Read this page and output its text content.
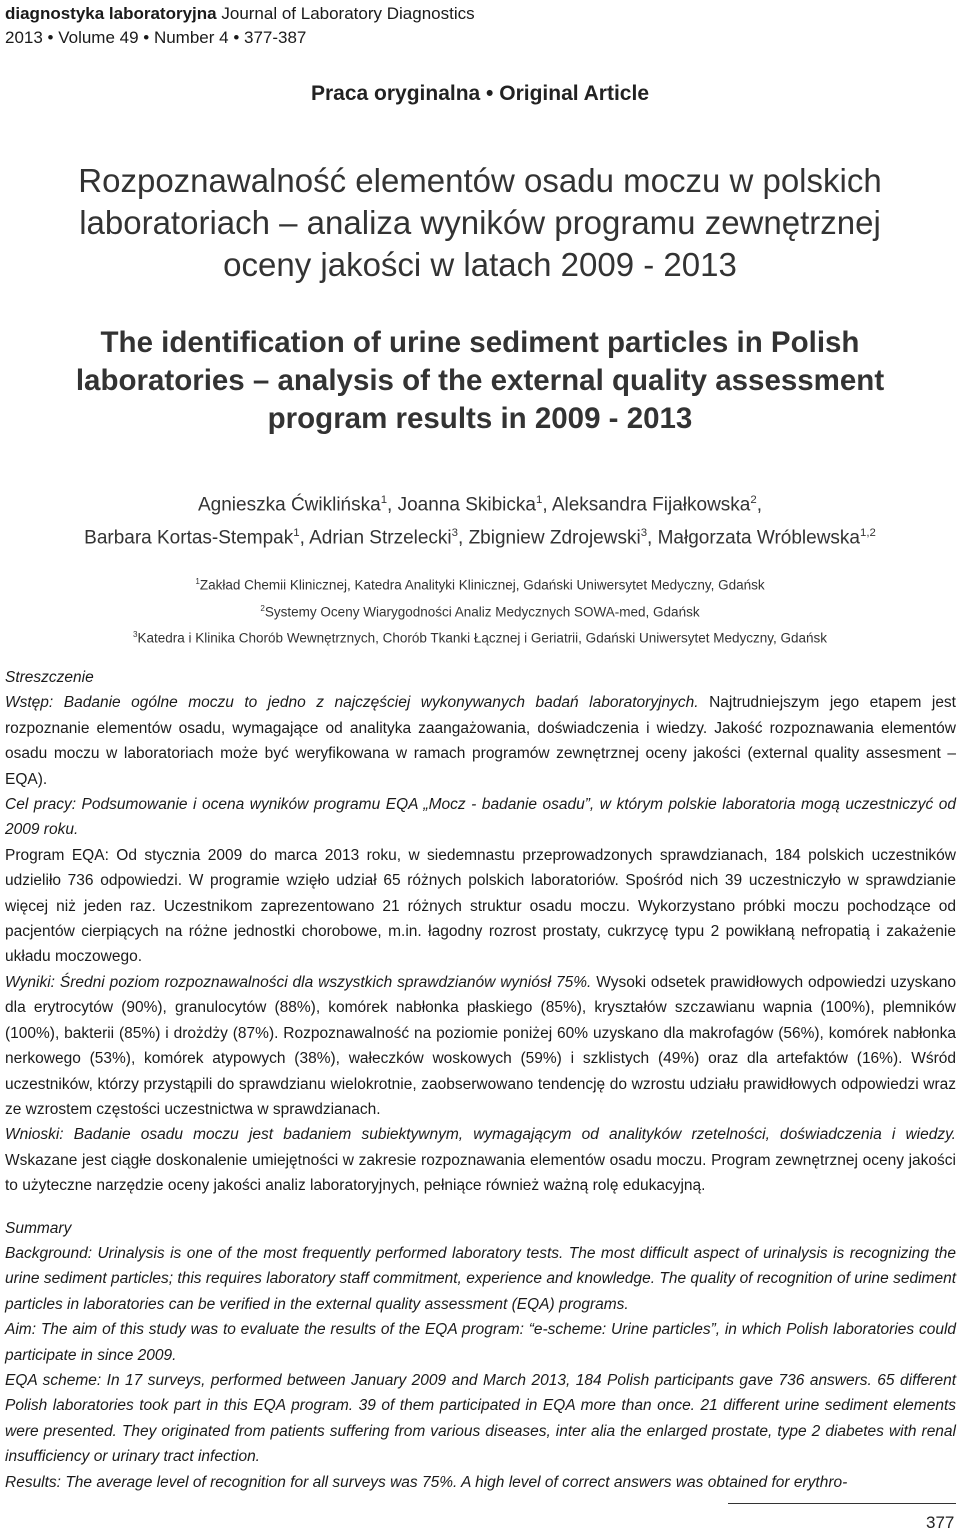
diagnostyka laboratoryjna Journal of Laboratory Diagnostics
2013 • Volume 49 • Number 4 • 377-387
Praca oryginalna • Original Article
Rozpoznawalność elementów osadu moczu w polskich
laboratoriach – analiza wyników programu zewnętrznej
oceny jakości w latach 2009 - 2013
The identification of urine sediment particles in Polish
laboratories – analysis of the external quality assessment
program results in 2009 - 2013
Agnieszka Ćwiklińska$^1$, Joanna Skibicka$^1$, Aleksandra Fijałkowska$^2$,
Barbara Kortas-Stempak$^1$, Adrian Strzelecki$^3$, Zbigniew Zdrojewski$^3$, Małgorzata Wróblewska$^{1,2}$
$^1$Zakład Chemii Klinicznej, Katedra Analityki Klinicznej, Gdański Uniwersytet Medyczny, Gdańsk
$^2$Systemy Oceny Wiarygodności Analiz Medycznych SOWA-med, Gdańsk
$^3$Katedra i Klinika Chorób Wewnętrznych, Chorób Tkanki Łącznej i Geriatrii, Gdański Uniwersytet Medyczny, Gdańsk

Streszczenie

Wstęp: Badanie ogólne moczu to jedno z najczęściej wykonywanych badań laboratoryjnych. Najtrudniejszym jego etapem jest rozpoznanie elementów osadu, wymagające od analityka zaangażowania, doświadczenia i wiedzy. Jakość rozpoznawania elementów osadu moczu w laboratoriach może być weryfikowana w ramach programów zewnętrznej oceny jakości (external quality assesment – EQA).

Cel pracy: Podsumowanie i ocena wyników programu EQA „Mocz - badanie osadu”, w którym polskie laboratoria mogą uczestniczyć od 2009 roku.

Program EQA: Od stycznia 2009 do marca 2013 roku, w siedemnastu przeprowadzonych sprawdzianach, 184 polskich uczestników udzieliło 736 odpowiedzi. W programie wzięło udział 65 różnych polskich laboratoriów. Spośród nich 39 uczestniczyło w sprawdzianie więcej niż jeden raz. Uczestnikom zaprezentowano 21 różnych struktur osadu moczu. Wykorzystano próbki moczu pochodzące od pacjentów cierpiących na różne jednostki chorobowe, m.in. łagodny rozrost prostaty, cukrzycę typu 2 powikłaną nefropatią i zakażenie układu moczowego.

Wyniki: Średni poziom rozpoznawalności dla wszystkich sprawdzianów wyniósł 75%. Wysoki odsetek prawidłowych odpowiedzi uzyskano dla erytrocytów (90%), granulocytów (88%), komórek nabłonka płaskiego (85%), kryształów szczawianu wapnia (100%), plemników (100%), bakterii (85%) i drożdży (87%). Rozpoznawalność na poziomie poniżej 60% uzyskano dla makrofagów (56%), komórek nabłonka nerkowego (53%), komórek atypowych (38%), wałeczków woskowych (59%) i szklistych (49%) oraz dla artefaktów (16%). Wśród uczestników, którzy przystąpili do sprawdzianu wielokrotnie, zaobserwowano tendencję do wzrostu udziału prawidłowych odpowiedzi wraz ze wzrostem częstości uczestnictwa w sprawdzianach.

Wnioski: Badanie osadu moczu jest badaniem subiektywnym, wymagającym od analityków rzetelności, doświadczenia i wiedzy. Wskazane jest ciągłe doskonalenie umiejętności w zakresie rozpoznawania elementów osadu moczu. Program zewnętrznej oceny jakości to użyteczne narzędzie oceny jakości analiz laboratoryjnych, pełniące również ważną rolę edukacyjną.

Summary

Background: Urinalysis is one of the most frequently performed laboratory tests. The most difficult aspect of urinalysis is recognizing the urine sediment particles; this requires laboratory staff commitment, experience and knowledge. The quality of recognition of urine sediment particles in laboratories can be verified in the external quality assessment (EQA) programs.

Aim: The aim of this study was to evaluate the results of the EQA program: “e-scheme: Urine particles”, in which Polish laboratories could participate in since 2009.

EQA scheme: In 17 surveys, performed between January 2009 and March 2013, 184 Polish participants gave 736 answers. 65 different Polish laboratories took part in this EQA program. 39 of them participated in EQA more than once. 21 different urine sediment elements were presented. They originated from patients suffering from various diseases, inter alia the enlarged prostate, type 2 diabetes with renal insufficiency or urinary tract infection.

Results: The average level of recognition for all surveys was 75%. A high level of correct answers was obtained for erythro-

377
